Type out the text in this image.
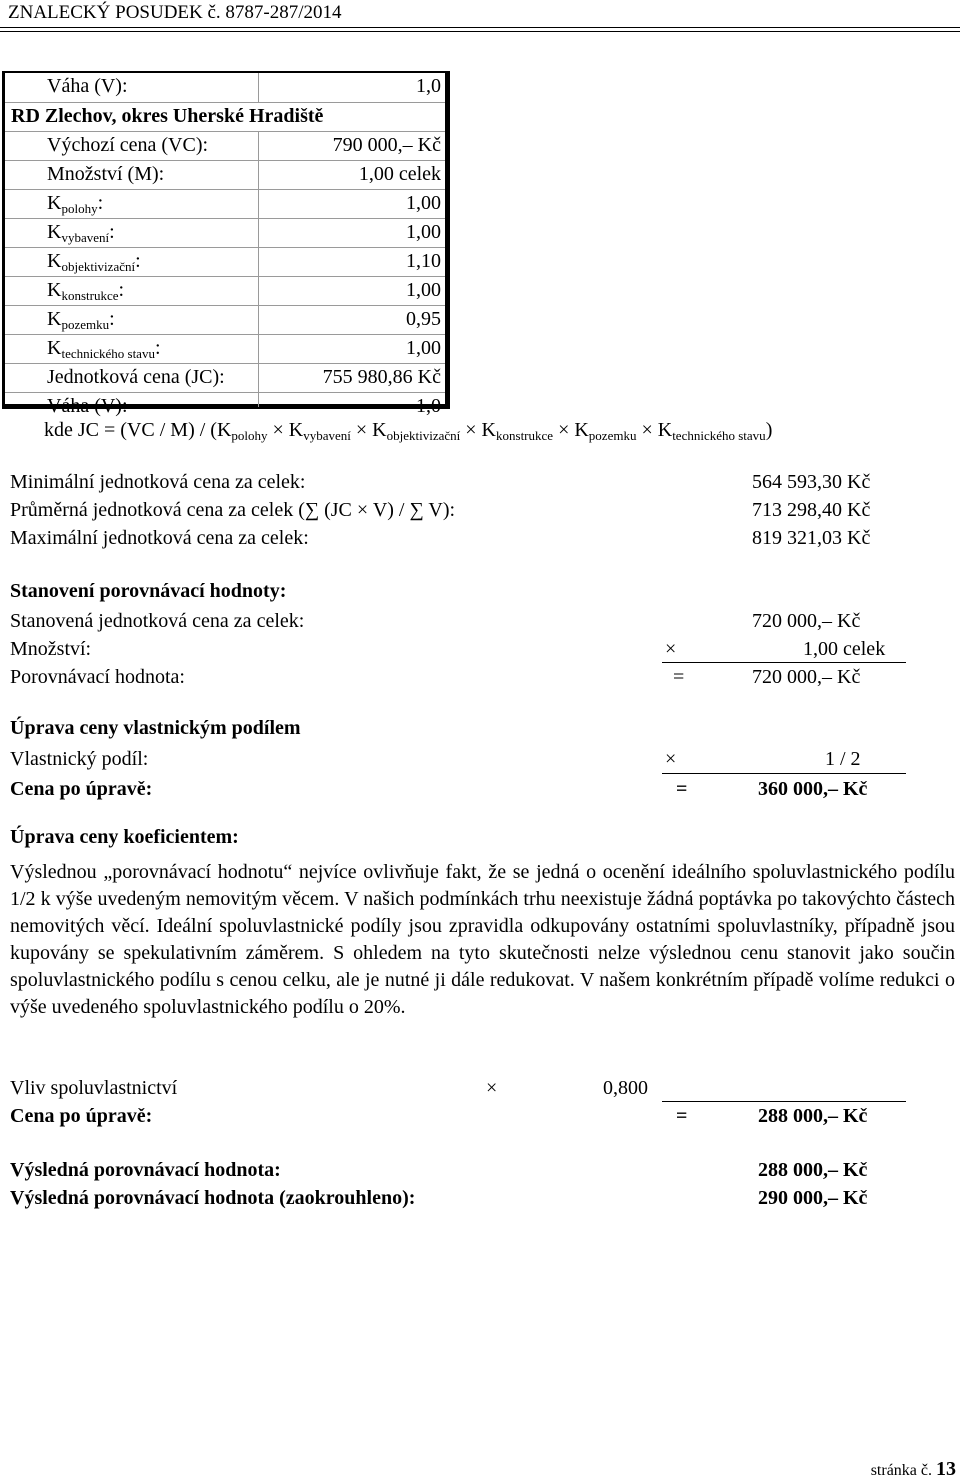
ZNALECKÝ POSUDEK č. 8787-287/2014
Váha (V):	1,0
RD Zlechov, okres Uherské Hradiště
Výchozí cena (VC):	790 000,– Kč
Množství (M):	1,00 celek
$K_{polohy}$:	1,00
$K_{vybavení}$:	1,00
$K_{objektivizační}$:	1,10
$K_{konstrukce}$:	1,00
$K_{pozemku}$:	0,95
$K_{technického stavu}$:	1,00
Jednotková cena (JC):	755 980,86 Kč
Váha (V):	1,0
kde JC = $(VC / M) / (K_{polohy} \times K_{vybavení} \times K_{objektivizační} \times K_{konstrukce} \times K_{pozemku} \times K_{technického stavu})$
Minimální jednotková cena za celek:	564 593,30 Kč
Průměrná jednotková cena za celek (∑ (JC × V) / ∑ V):	713 298,40 Kč
Maximální jednotková cena za celek:	819 321,03 Kč
Stanovení porovnávací hodnoty:
Stanovená jednotková cena za celek:	720 000,– Kč
Množství:	×	1,00 celek
Porovnávací hodnota:	=	720 000,– Kč
Úprava ceny vlastnickým podílem
Vlastnický podíl:	×	1 / 2
Cena po úpravě:	=	360 000,– Kč
Úprava ceny koeficientem:
Výslednou „porovnávací hodnotu“ nejvíce ovlivňuje fakt, že se jedná o ocenění ideálního spoluvlastnického podílu 1/2 k výše uvedeným nemovitým věcem. V našich podmínkách trhu neexistuje žádná poptávka po takovýchto částech nemovitých věcí. Ideální spoluvlastnické podíly jsou zpravidla odkupovány ostatními spoluvlastníky, případně jsou kupovány se spekulativním záměrem. S ohledem na tyto skutečnosti nelze výslednou cenu stanovit jako součin spoluvlastnického podílu s cenou celku, ale je nutné ji dále redukovat. V našem konkrétním případě volíme redukci o výše uvedeného spoluvlastnického podílu o 20%.
Vliv spoluvlastnictví	×	0,800
Cena po úpravě:	=	288 000,– Kč
Výsledná porovnávací hodnota:	288 000,– Kč
Výsledná porovnávací hodnota (zaokrouhleno):	290 000,– Kč
stránka č. 13
